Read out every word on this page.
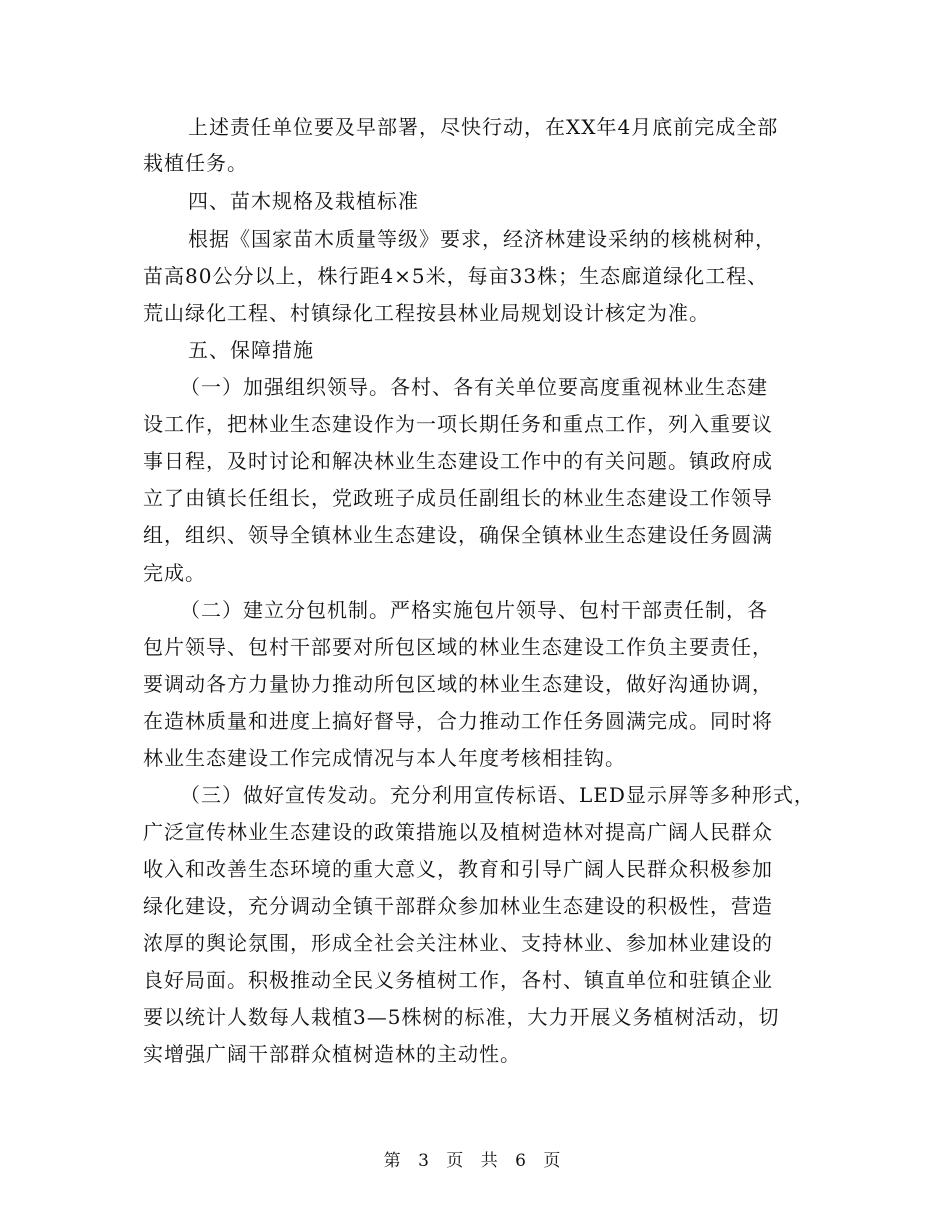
上述责任单位要及早部署，尽快行动，在XX年4月底前完成全部
栽植任务。
四、苗木规格及栽植标准
根据《国家苗木质量等级》要求，经济林建设采纳的核桃树种，
苗高80公分以上，株行距4×5米，每亩33株；生态廊道绿化工程、
荒山绿化工程、村镇绿化工程按县林业局规划设计核定为准。
五、保障措施
（一）加强组织领导。各村、各有关单位要高度重视林业生态建
设工作，把林业生态建设作为一项长期任务和重点工作，列入重要议
事日程，及时讨论和解决林业生态建设工作中的有关问题。镇政府成
立了由镇长任组长，党政班子成员任副组长的林业生态建设工作领导
组，组织、领导全镇林业生态建设，确保全镇林业生态建设任务圆满
完成。
（二）建立分包机制。严格实施包片领导、包村干部责任制，各
包片领导、包村干部要对所包区域的林业生态建设工作负主要责任，
要调动各方力量协力推动所包区域的林业生态建设，做好沟通协调，
在造林质量和进度上搞好督导，合力推动工作任务圆满完成。同时将
林业生态建设工作完成情况与本人年度考核相挂钩。
（三）做好宣传发动。充分利用宣传标语、LED显示屏等多种形式，
广泛宣传林业生态建设的政策措施以及植树造林对提高广阔人民群众
收入和改善生态环境的重大意义，教育和引导广阔人民群众积极参加
绿化建设，充分调动全镇干部群众参加林业生态建设的积极性，营造
浓厚的舆论氛围，形成全社会关注林业、支持林业、参加林业建设的
良好局面。积极推动全民义务植树工作，各村、镇直单位和驻镇企业
要以统计人数每人栽植3—5株树的标准，大力开展义务植树活动，切
实增强广阔干部群众植树造林的主动性。
第 3 页 共 6 页
